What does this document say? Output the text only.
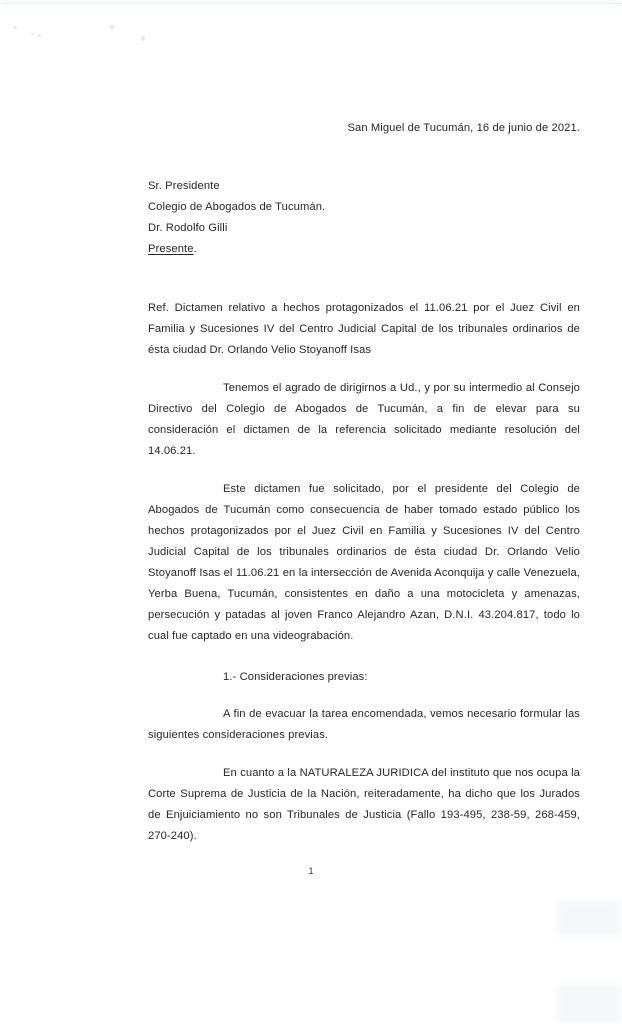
San Miguel de Tucumán, 16 de junio de 2021.
Sr. Presidente
Colegio de Abogados de Tucumán.
Dr. Rodolfo Gilli
Presente.
Ref. Dictamen relativo a hechos protagonizados el 11.06.21 por el Juez Civil en Familia y Sucesiones IV del Centro Judicial Capital de los tribunales ordinarios de ésta ciudad Dr. Orlando Velio Stoyanoff Isas
Tenemos el agrado de dirigirnos a Ud., y por su intermedio al Consejo Directivo del Colegio de Abogados de Tucumán, a fin de elevar para su consideración el dictamen de la referencia solicitado mediante resolución del 14.06.21.
Este dictamen fue solicitado, por el presidente del Colegio de Abogados de Tucumán como consecuencia de haber tomado estado público los hechos protagonizados por el Juez Civil en Familia y Sucesiones IV del Centro Judicial Capital de los tribunales ordinarios de ésta ciudad Dr. Orlando Velio Stoyanoff Isas el 11.06.21 en la intersección de Avenida Aconquija y calle Venezuela, Yerba Buena, Tucumán, consistentes en daño a una motocicleta y amenazas, persecución y patadas al joven Franco Alejandro Azan, D.N.I. 43.204.817, todo lo cual fue captado en una videograbación.
1.- Consideraciones previas:
A fin de evacuar la tarea encomendada, vemos necesario formular las siguientes consideraciones previas.
En cuanto a la NATURALEZA JURIDICA del instituto que nos ocupa la Corte Suprema de Justicia de la Nación, reiteradamente, ha dicho que los Jurados de Enjuiciamiento no son Tribunales de Justicia (Fallo 193-495, 238-59, 268-459, 270-240).
1
